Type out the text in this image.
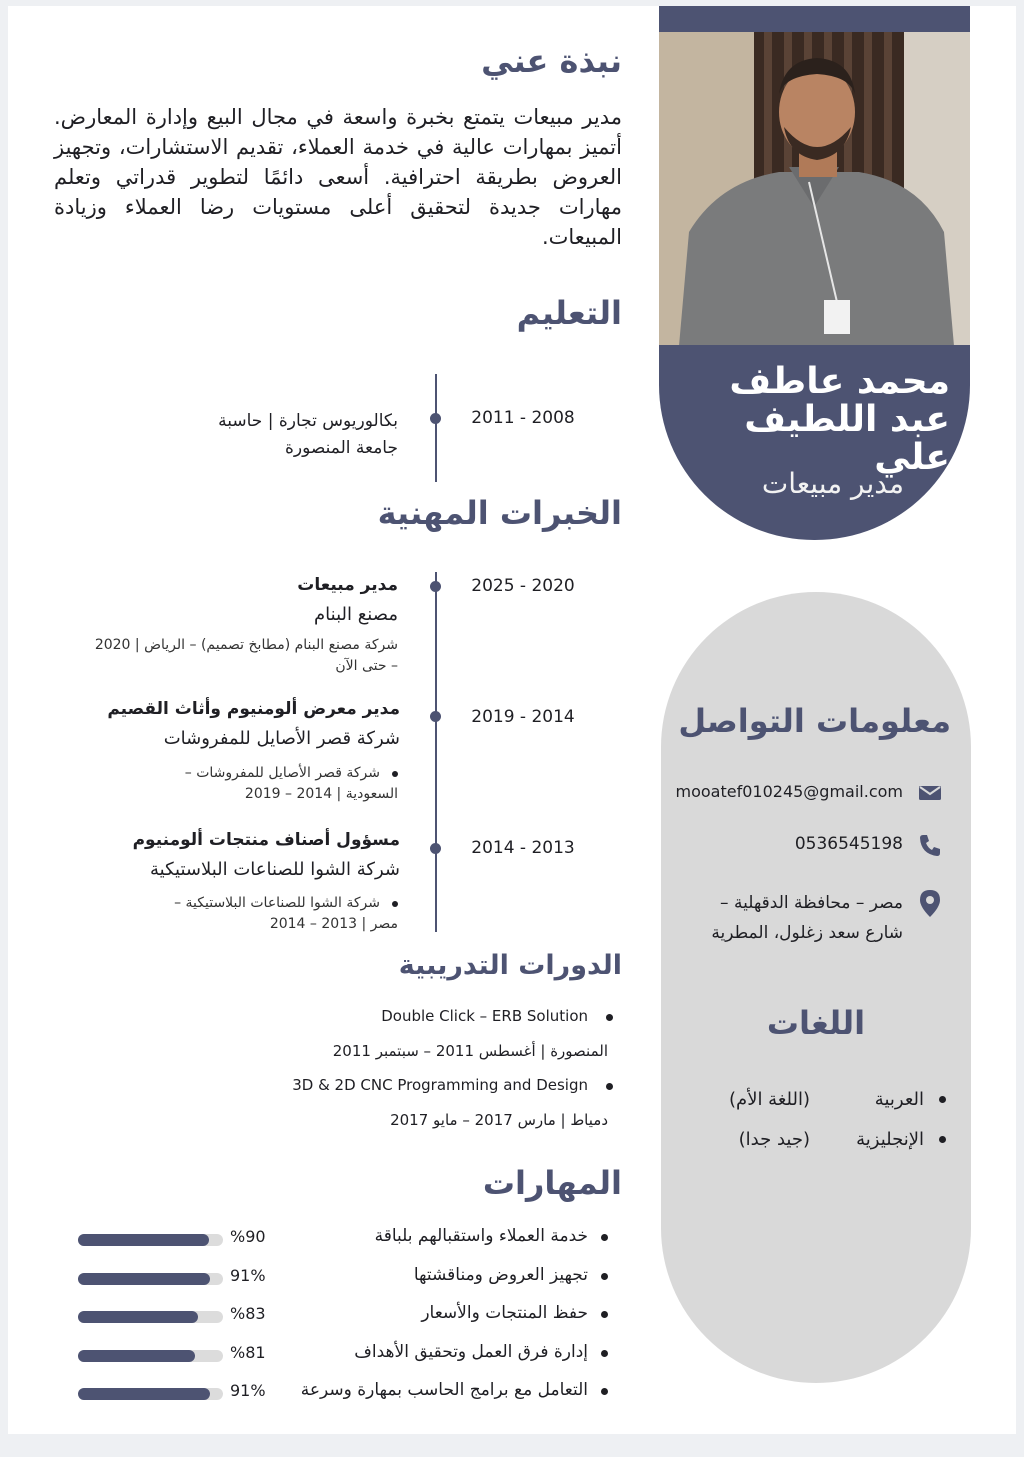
محمد عاطف
عبد اللطيف علي
مدير مبيعات
معلومات التواصل
mooatef010245@gmail.com
0536545198
مصر – محافظة الدقهلية –
شارع سعد زغلول، المطرية
اللغات
العربية
(اللغة الأم)
الإنجليزية
(جيد جدا)
نبذة عني
مدير مبيعات يتمتع بخبرة واسعة في مجال البيع وإدارة المعارض. أتميز بمهارات عالية في خدمة العملاء، تقديم الاستشارات، وتجهيز العروض بطريقة احترافية. أسعى دائمًا لتطوير قدراتي وتعلم مهارات جديدة لتحقيق أعلى مستويات رضا العملاء وزيادة المبيعات.
التعليم
2011 - 2008
بكالوريوس تجارة | حاسبة
جامعة المنصورة
الخبرات المهنية
2025 - 2020
مدير مبيعات
مصنع البنام
شركة مصنع البنام (مطابخ تصميم) – الرياض | 2020
– حتى الآن
2019 - 2014
مدير معرض ألومنيوم وأثاث القصيم
شركة قصر الأصايل للمفروشات
شركة قصر الأصايل للمفروشات –
السعودية | 2014 – 2019
2014 - 2013
مسؤول أصناف منتجات ألومنيوم
شركة الشوا للصناعات البلاستيكية
شركة الشوا للصناعات البلاستيكية –
مصر | 2013 – 2014
الدورات التدريبية
Double Click – ERB Solution
المنصورة | أغسطس 2011 – سبتمبر 2011
3D & 2D CNC Programming and Design
دمياط | مارس 2017 – مايو 2017
المهارات
خدمة العملاء واستقبالهم بلباقة
%90
تجهيز العروض ومناقشتها
91%
حفظ المنتجات والأسعار
%83
إدارة فرق العمل وتحقيق الأهداف
%81
التعامل مع برامج الحاسب بمهارة وسرعة
91%
